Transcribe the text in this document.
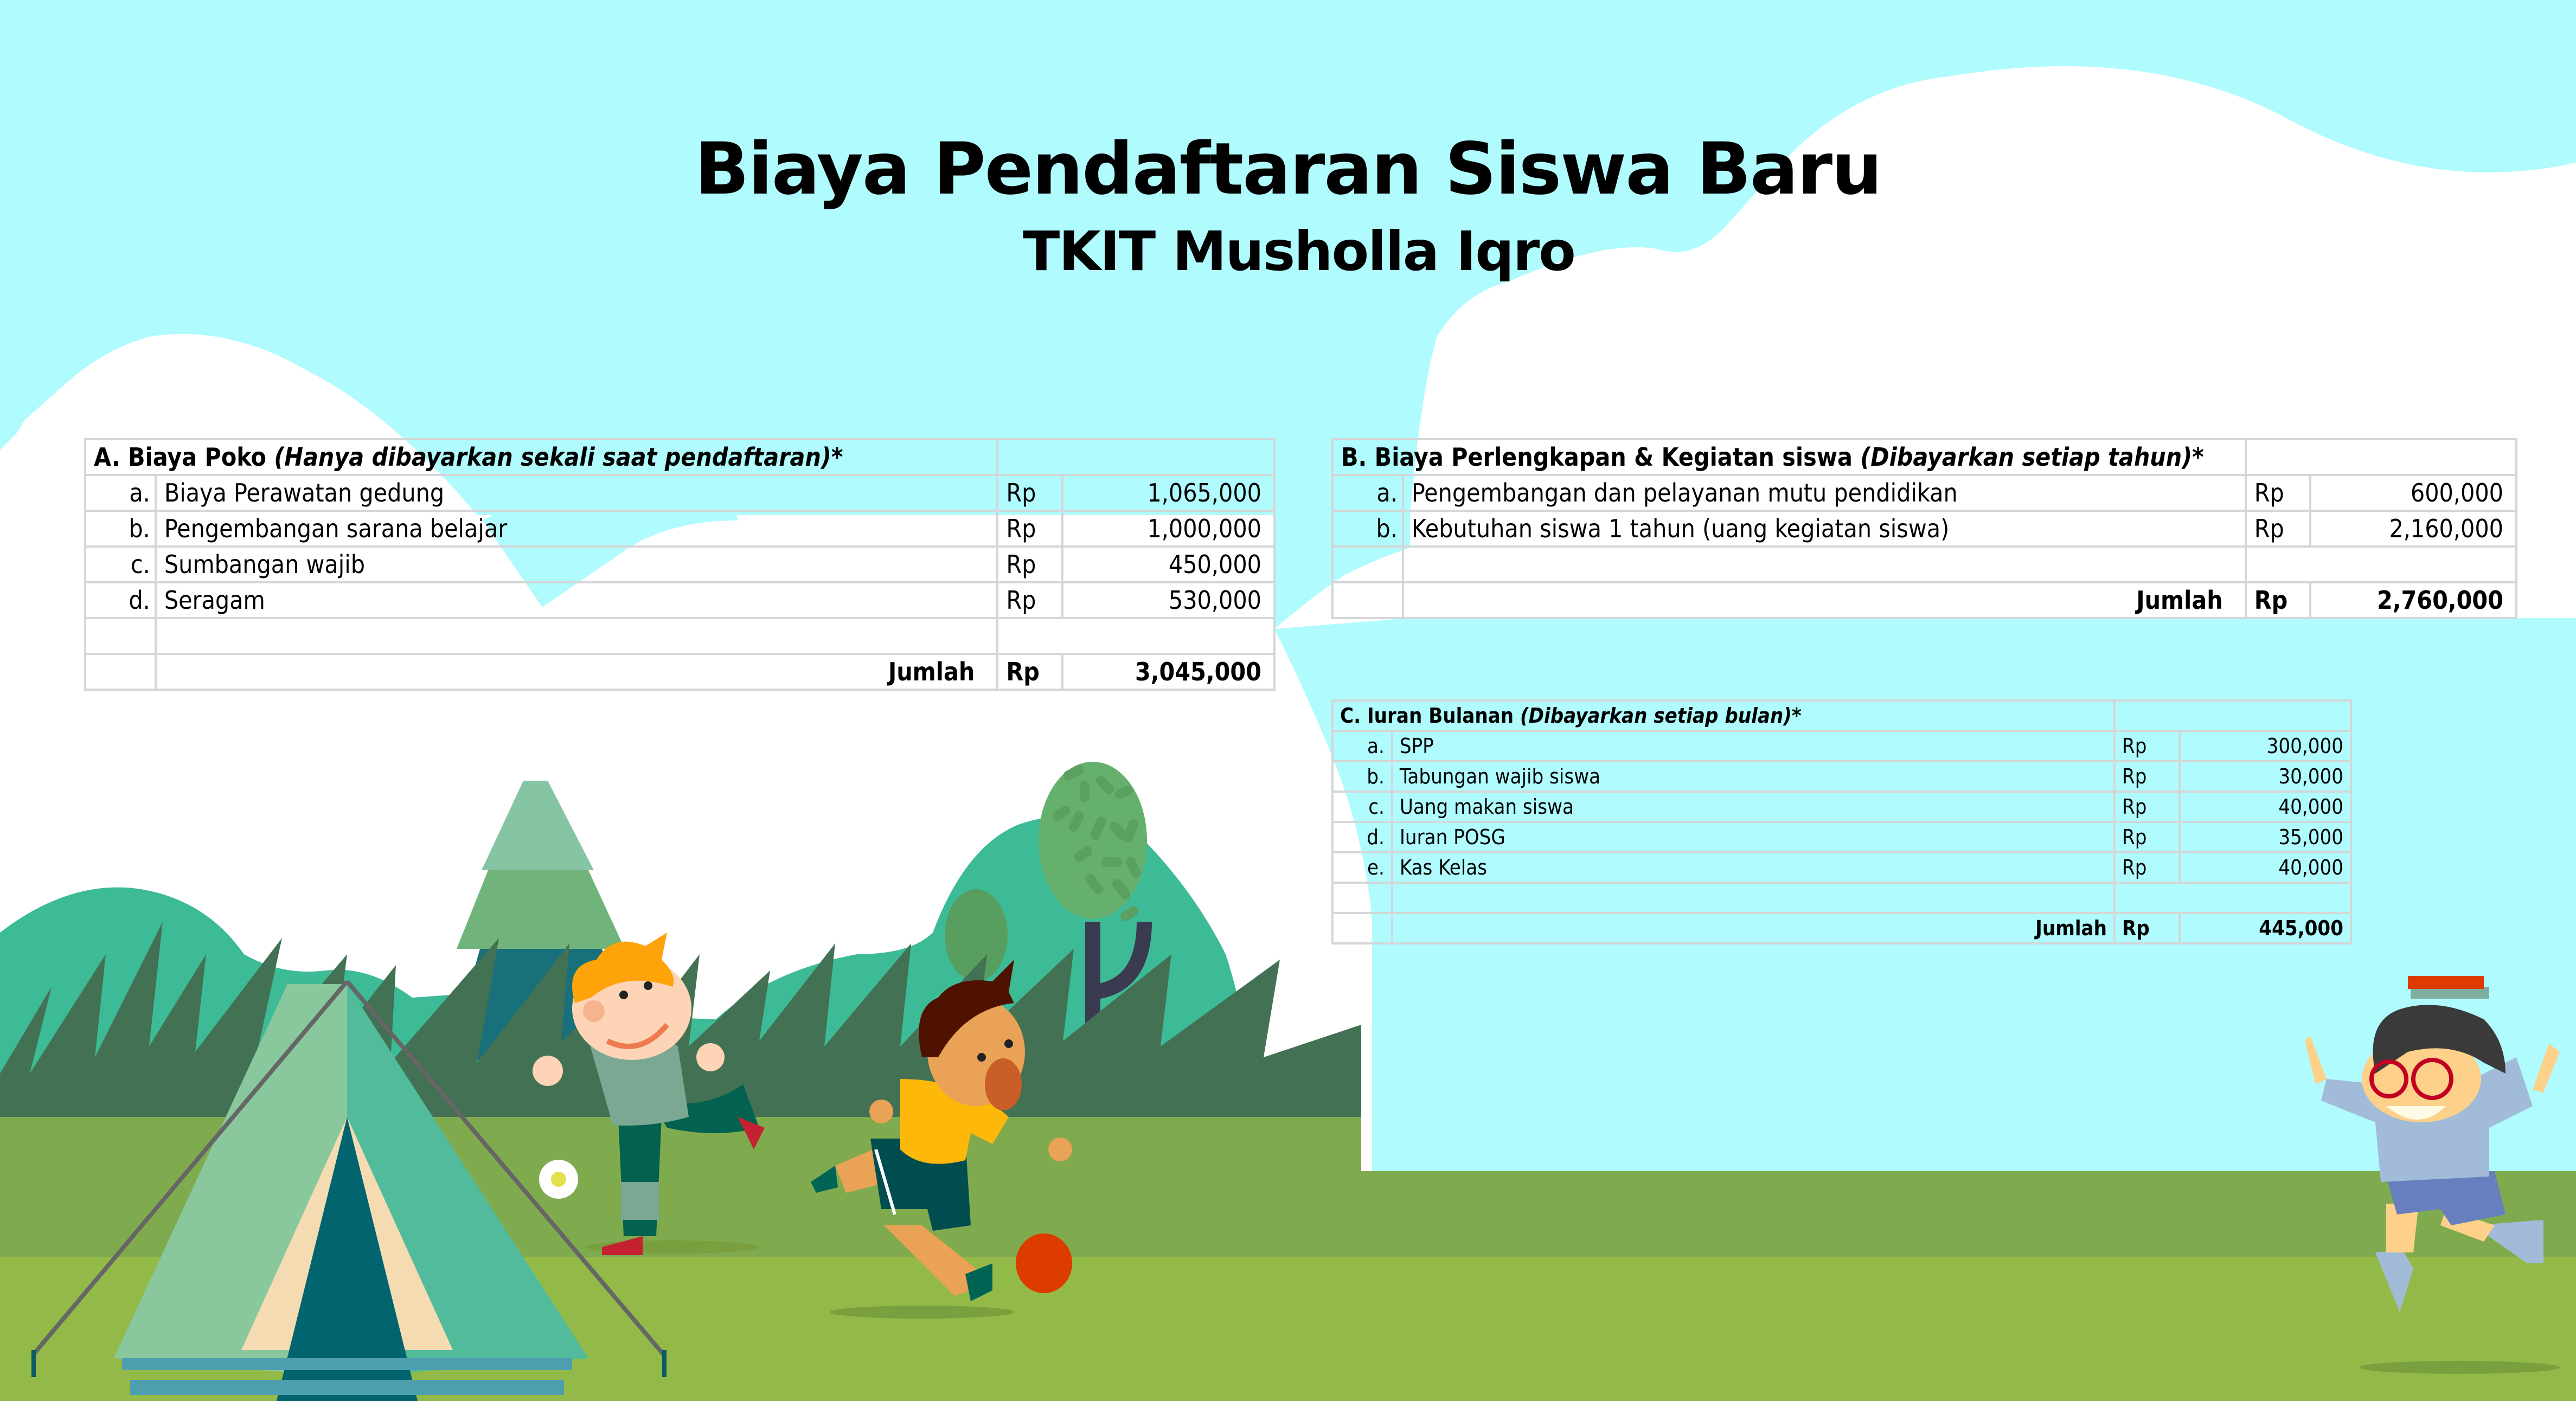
Biaya Pendaftaran Siswa Baru
TKIT Musholla Iqro
A. Biaya Poko (Hanya dibayarkan sekali saat pendaftaran)*			
a.	Biaya Perawatan gedung	Rp	1,065,000
b.	Pengembangan sarana belajar	Rp	1,000,000
c.	Sumbangan wajib	Rp	450,000
d.	Seragam	Rp	530,000

	Jumlah	Rp	3,045,000
B. Biaya Perlengkapan & Kegiatan siswa (Dibayarkan setiap tahun)*			
a.	Pengembangan dan pelayanan mutu pendidikan	Rp	600,000
b.	Kebutuhan siswa 1 tahun (uang kegiatan siswa)	Rp	2,160,000

	Jumlah	Rp	2,760,000
C. Iuran Bulanan (Dibayarkan setiap bulan)*			
a.	SPP	Rp	300,000
b.	Tabungan wajib siswa	Rp	30,000
c.	Uang makan siswa	Rp	40,000
d.	Iuran POSG	Rp	35,000
e.	Kas Kelas	Rp	40,000

	Jumlah	Rp	445,000
